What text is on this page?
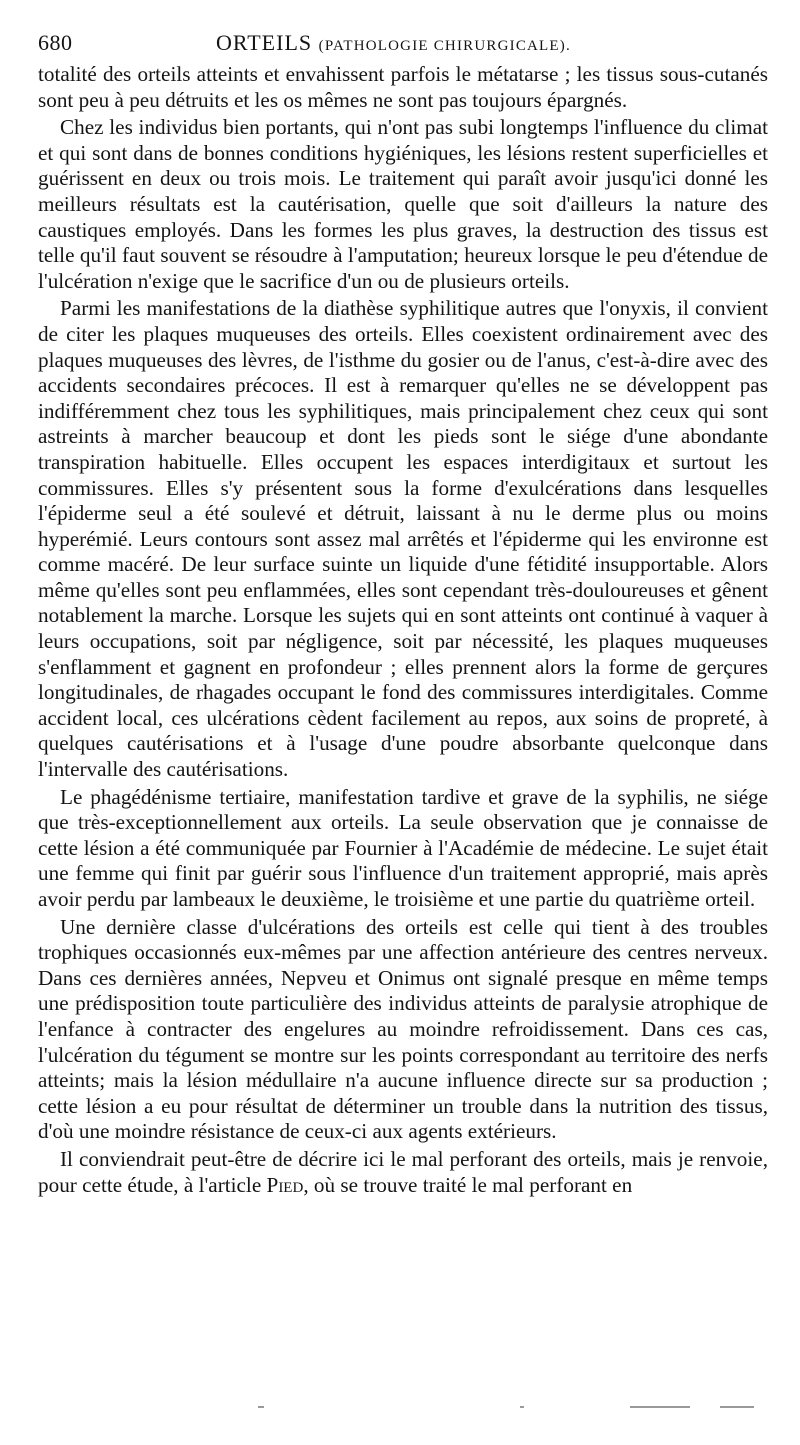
680	ORTEILS (PATHOLOGIE CHIRURGICALE).

totalité des orteils atteints et envahissent parfois le métatarse ; les tissus sous-cutanés sont peu à peu détruits et les os mêmes ne sont pas toujours épargnés.

Chez les individus bien portants, qui n'ont pas subi longtemps l'influence du climat et qui sont dans de bonnes conditions hygiéniques, les lésions restent superficielles et guérissent en deux ou trois mois. Le traitement qui paraît avoir jusqu'ici donné les meilleurs résultats est la cautérisation, quelle que soit d'ailleurs la nature des caustiques employés. Dans les formes les plus graves, la destruction des tissus est telle qu'il faut souvent se résoudre à l'amputation; heureux lorsque le peu d'étendue de l'ulcération n'exige que le sacrifice d'un ou de plusieurs orteils.

Parmi les manifestations de la diathèse syphilitique autres que l'onyxis, il convient de citer les plaques muqueuses des orteils. Elles coexistent ordinairement avec des plaques muqueuses des lèvres, de l'isthme du gosier ou de l'anus, c'est-à-dire avec des accidents secondaires précoces. Il est à remarquer qu'elles ne se développent pas indifféremment chez tous les syphilitiques, mais principalement chez ceux qui sont astreints à marcher beaucoup et dont les pieds sont le siége d'une abondante transpiration habituelle. Elles occupent les espaces interdigitaux et surtout les commissures. Elles s'y présentent sous la forme d'exulcérations dans lesquelles l'épiderme seul a été soulevé et détruit, laissant à nu le derme plus ou moins hyperémié. Leurs contours sont assez mal arrêtés et l'épiderme qui les environne est comme macéré. De leur surface suinte un liquide d'une fétidité insupportable. Alors même qu'elles sont peu enflammées, elles sont cependant très-douloureuses et gênent notablement la marche. Lorsque les sujets qui en sont atteints ont continué à vaquer à leurs occupations, soit par négligence, soit par nécessité, les plaques muqueuses s'enflamment et gagnent en profondeur ; elles prennent alors la forme de gerçures longitudinales, de rhagades occupant le fond des commissures interdigitales. Comme accident local, ces ulcérations cèdent facilement au repos, aux soins de propreté, à quelques cautérisations et à l'usage d'une poudre absorbante quelconque dans l'intervalle des cautérisations.

Le phagédénisme tertiaire, manifestation tardive et grave de la syphilis, ne siége que très-exceptionnellement aux orteils. La seule observation que je connaisse de cette lésion a été communiquée par Fournier à l'Académie de médecine. Le sujet était une femme qui finit par guérir sous l'influence d'un traitement approprié, mais après avoir perdu par lambeaux le deuxième, le troisième et une partie du quatrième orteil.

Une dernière classe d'ulcérations des orteils est celle qui tient à des troubles trophiques occasionnés eux-mêmes par une affection antérieure des centres nerveux. Dans ces dernières années, Nepveu et Onimus ont signalé presque en même temps une prédisposition toute particulière des individus atteints de paralysie atrophique de l'enfance à contracter des engelures au moindre refroidissement. Dans ces cas, l'ulcération du tégument se montre sur les points correspondant au territoire des nerfs atteints; mais la lésion médullaire n'a aucune influence directe sur sa production ; cette lésion a eu pour résultat de déterminer un trouble dans la nutrition des tissus, d'où une moindre résistance de ceux-ci aux agents extérieurs.

Il conviendrait peut-être de décrire ici le mal perforant des orteils, mais je renvoie, pour cette étude, à l'article Pied, où se trouve traité le mal perforant en
